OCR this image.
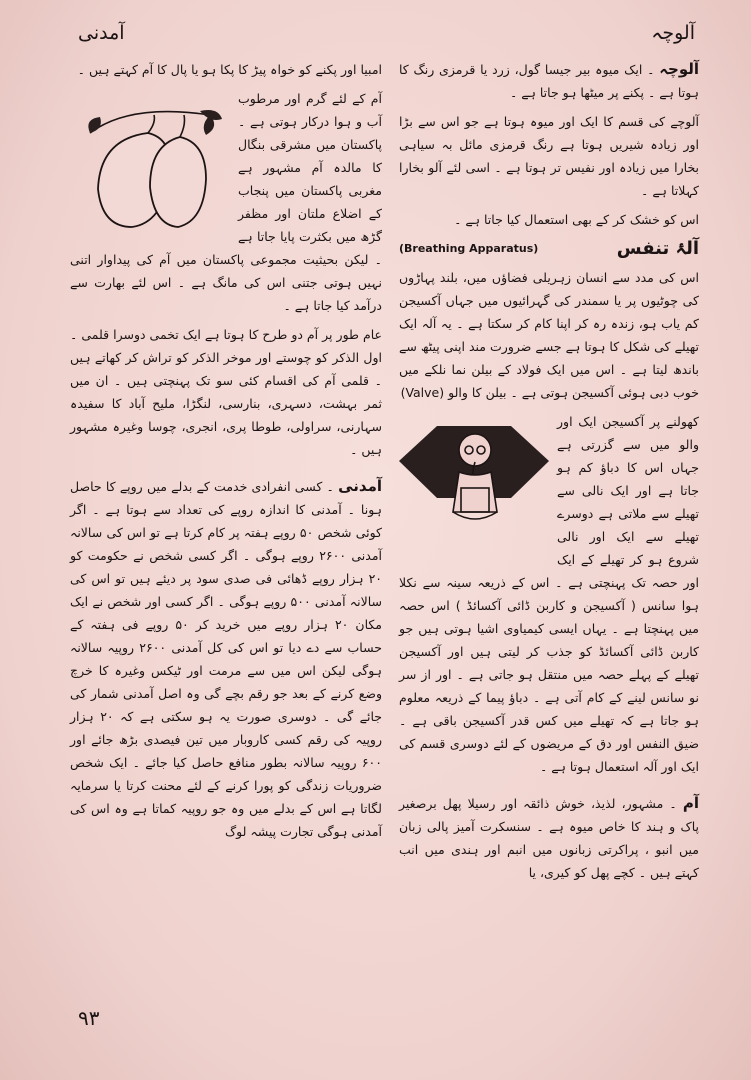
آمدنی	آلوچہ

آلوچہ ۔ ایک میوہ بیر جیسا گول، زرد یا قرمزی رنگ کا ہوتا ہے ۔ پکنے پر میٹھا ہو جاتا ہے ۔

آلوچے کی قسم کا ایک اور میوہ ہوتا ہے جو اس سے بڑا اور زیادہ شیریں ہوتا ہے رنگ قرمزی مائل بہ سیاہی بخارا میں زیادہ اور نفیس تر ہوتا ہے ۔ اسی لئے آلو بخارا کہلاتا ہے ۔

اس کو خشک کر کے بھی استعمال کیا جاتا ہے ۔

آلۂ تنفس
(Breathing Apparatus)

اس کی مدد سے انسان زہریلی فضاؤں میں، بلند پہاڑوں کی چوٹیوں پر یا سمندر کی گہرائیوں میں جہاں آکسیجن کم یاب ہو، زندہ رہ کر اپنا کام کر سکتا ہے ۔ یہ آلہ ایک تھیلے کی شکل کا ہوتا ہے جسے ضرورت مند اپنی پیٹھ سے باندھ لیتا ہے ۔ اس میں ایک فولاد کے بیلن نما نلکے میں خوب دبی ہوئی آکسیجن ہوتی ہے ۔ بیلن کا والو (Valve)

کھولنے پر آکسیجن ایک اور والو میں سے گزرتی ہے جہاں اس کا دباؤ کم ہو جاتا ہے اور ایک نالی سے تھیلے سے ملاتی ہے دوسرے تھیلے سے ایک اور نالی شروع ہو کر تھیلے کے ایک اور حصہ تک پہنچتی ہے ۔ اس کے ذریعہ سینہ سے نکلا ہوا سانس ( آکسیجن و کاربن ڈائی آکسائڈ ) اس حصہ میں پہنچتا ہے ۔ یہاں ایسی کیمیاوی اشیا ہوتی ہیں جو کاربن ڈائی آکسائڈ کو جذب کر لیتی ہیں اور آکسیجن تھیلے کے پہلے حصہ میں منتقل ہو جاتی ہے ۔ اور از سر نو سانس لینے کے کام آتی ہے ۔ دباؤ پیما کے ذریعہ معلوم ہو جاتا ہے کہ تھیلے میں کس قدر آکسیجن باقی ہے ۔ ضیق النفس اور دق کے مریضوں کے لئے دوسری قسم کی ایک اور آلہ استعمال ہوتا ہے ۔

آم ۔ مشہور، لذیذ، خوش ذائقہ اور رسیلا پھل برصغیر پاک و ہند کا خاص میوہ ہے ۔ سنسکرت آمیز پالی زبان میں انبو ، پراکرتی زبانوں میں انبم اور ہندی میں انب کہتے ہیں ۔ کچے پھل کو کیری، یا

امبیا اور پکنے کو خواہ پیڑ کا پکا ہو یا پال کا آم کہتے ہیں ۔

آم کے لئے گرم اور مرطوب آب و ہوا درکار ہوتی ہے ۔ پاکستان میں مشرقی بنگال کا مالدہ آم مشہور ہے مغربی پاکستان میں پنجاب کے اضلاع ملتان اور مظفر گڑھ میں بکثرت پایا جاتا ہے ۔ لیکن بحیثیت مجموعی پاکستان میں آم کی پیداوار اتنی نہیں ہوتی جتنی اس کی مانگ ہے ۔ اس لئے بھارت سے درآمد کیا جاتا ہے ۔

عام طور پر آم دو طرح کا ہوتا ہے ایک تخمی دوسرا قلمی ۔ اول الذکر کو چوستے اور موخر الذکر کو تراش کر کھاتے ہیں ۔ قلمی آم کی اقسام کئی سو تک پہنچتی ہیں ۔ ان میں ثمر بہشت، دسہری، بنارسی، لنگڑا، ملیح آباد کا سفیدہ سہارنی، سراولی، طوطا پری، انجری، چوسا وغیرہ مشہور ہیں ۔

آمدنی ۔ کسی انفرادی خدمت کے بدلے میں روپے کا حاصل ہونا ۔ آمدنی کا اندازہ روپے کی تعداد سے ہوتا ہے ۔ اگر کوئی شخص ۵۰ روپے ہفتہ پر کام کرتا ہے تو اس کی سالانہ آمدنی ۲۶۰۰ روپے ہوگی ۔ اگر کسی شخص نے حکومت کو ۲۰ ہزار روپے ڈھائی فی صدی سود پر دیئے ہیں تو اس کی سالانہ آمدنی ۵۰۰ روپے ہوگی ۔ اگر کسی اور شخص نے ایک مکان ۲۰ ہزار روپے میں خرید کر ۵۰ روپے فی ہفتہ کے حساب سے دے دیا تو اس کی کل آمدنی ۲۶۰۰ روپیہ سالانہ ہوگی لیکن اس میں سے مرمت اور ٹیکس وغیرہ کا خرچ وضع کرنے کے بعد جو رقم بچے گی وہ اصل آمدنی شمار کی جائے گی ۔ دوسری صورت یہ ہو سکتی ہے کہ ۲۰ ہزار روپیہ کی رقم کسی کاروبار میں تین فیصدی بڑھ جائے اور ۶۰۰ روپیہ سالانہ بطور منافع حاصل کیا جائے ۔ ایک شخص ضروریات زندگی کو پورا کرنے کے لئے محنت کرتا یا سرمایہ لگاتا ہے اس کے بدلے میں وہ جو روپیہ کماتا ہے وہ اس کی آمدنی ہوگی تجارت پیشہ لوگ

۹۳
